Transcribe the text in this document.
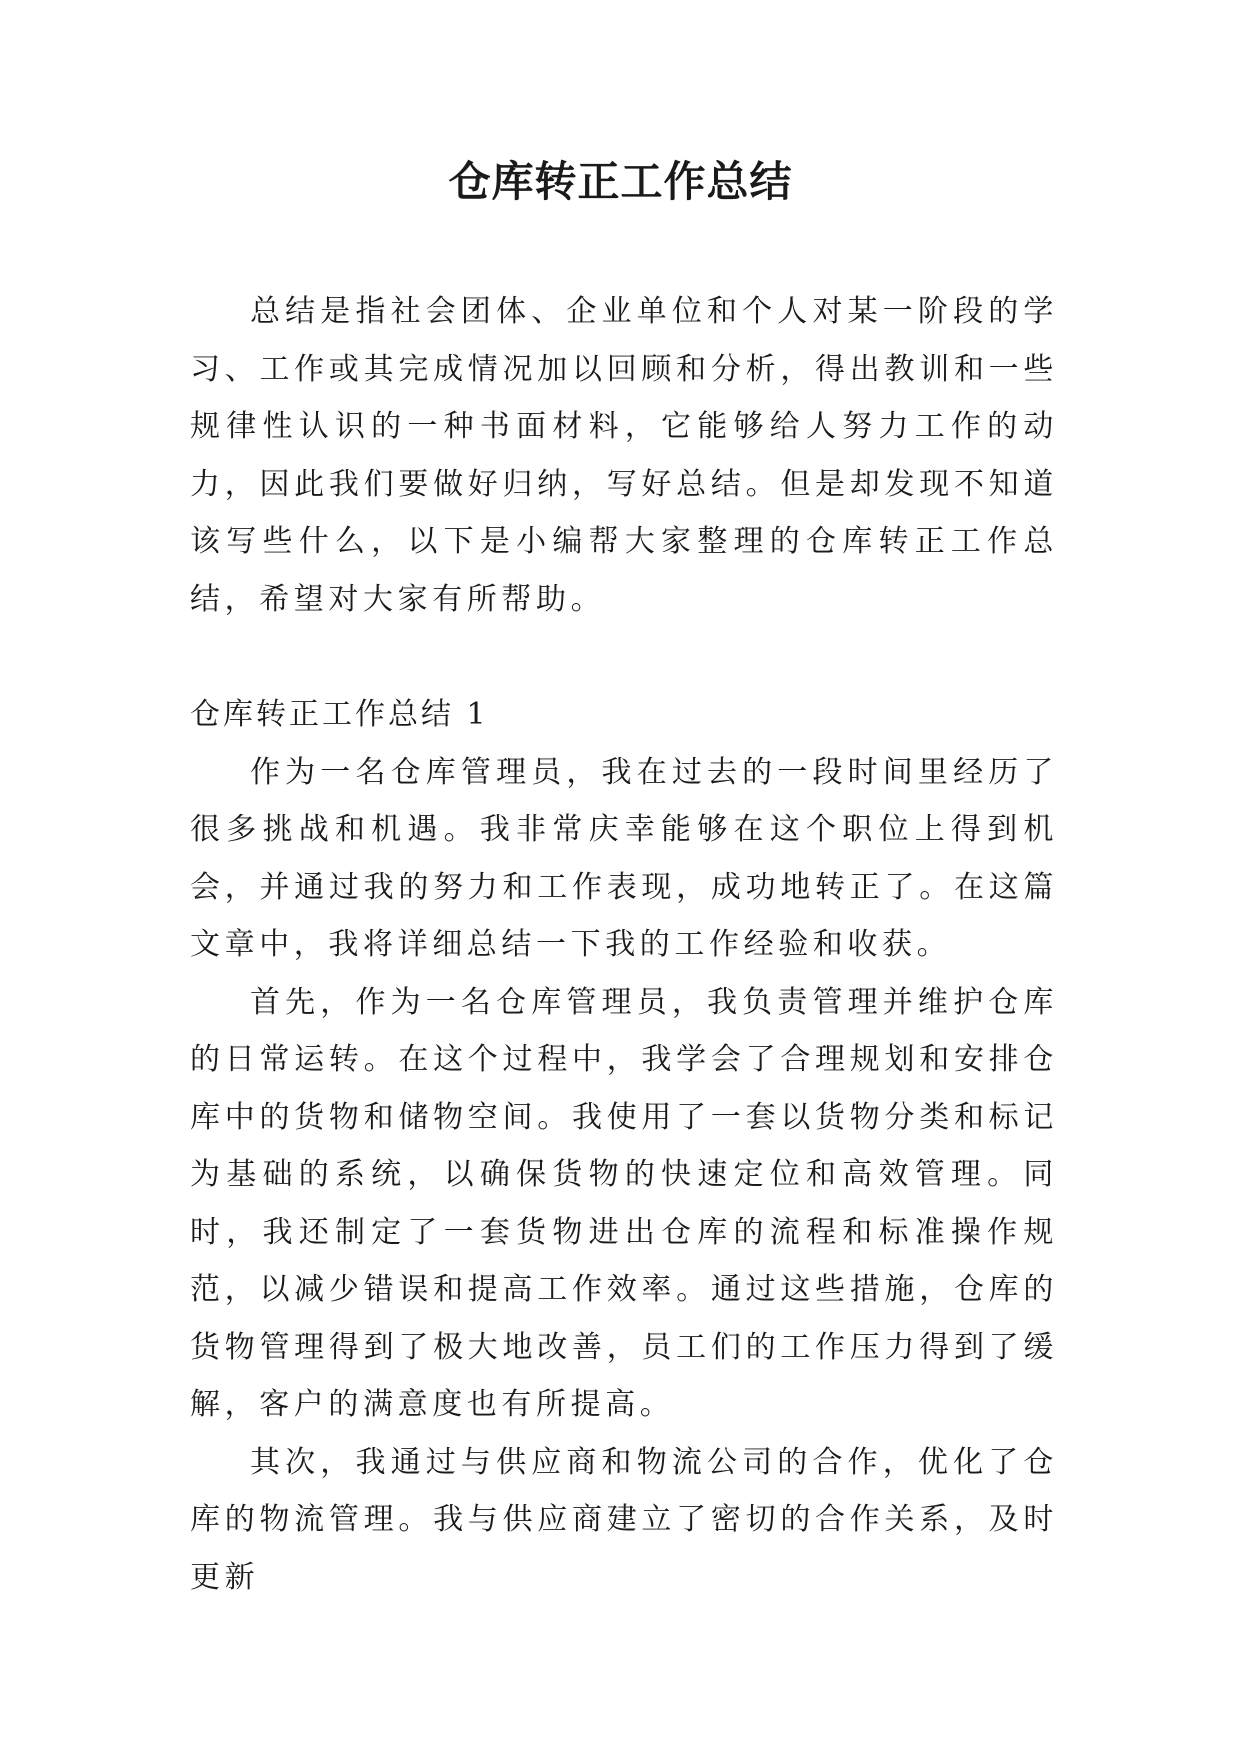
仓库转正工作总结

总结是指社会团体、企业单位和个人对某一阶段的学习、工作或其完成情况加以回顾和分析，得出教训和一些规律性认识的一种书面材料，它能够给人努力工作的动力，因此我们要做好归纳，写好总结。但是却发现不知道该写些什么，以下是小编帮大家整理的仓库转正工作总结，希望对大家有所帮助。

仓库转正工作总结 1

作为一名仓库管理员，我在过去的一段时间里经历了很多挑战和机遇。我非常庆幸能够在这个职位上得到机会，并通过我的努力和工作表现，成功地转正了。在这篇文章中，我将详细总结一下我的工作经验和收获。

首先，作为一名仓库管理员，我负责管理并维护仓库的日常运转。在这个过程中，我学会了合理规划和安排仓库中的货物和储物空间。我使用了一套以货物分类和标记为基础的系统，以确保货物的快速定位和高效管理。同时，我还制定了一套货物进出仓库的流程和标准操作规范，以减少错误和提高工作效率。通过这些措施，仓库的货物管理得到了极大地改善，员工们的工作压力得到了缓解，客户的满意度也有所提高。

其次，我通过与供应商和物流公司的合作，优化了仓库的物流管理。我与供应商建立了密切的合作关系，及时更新
